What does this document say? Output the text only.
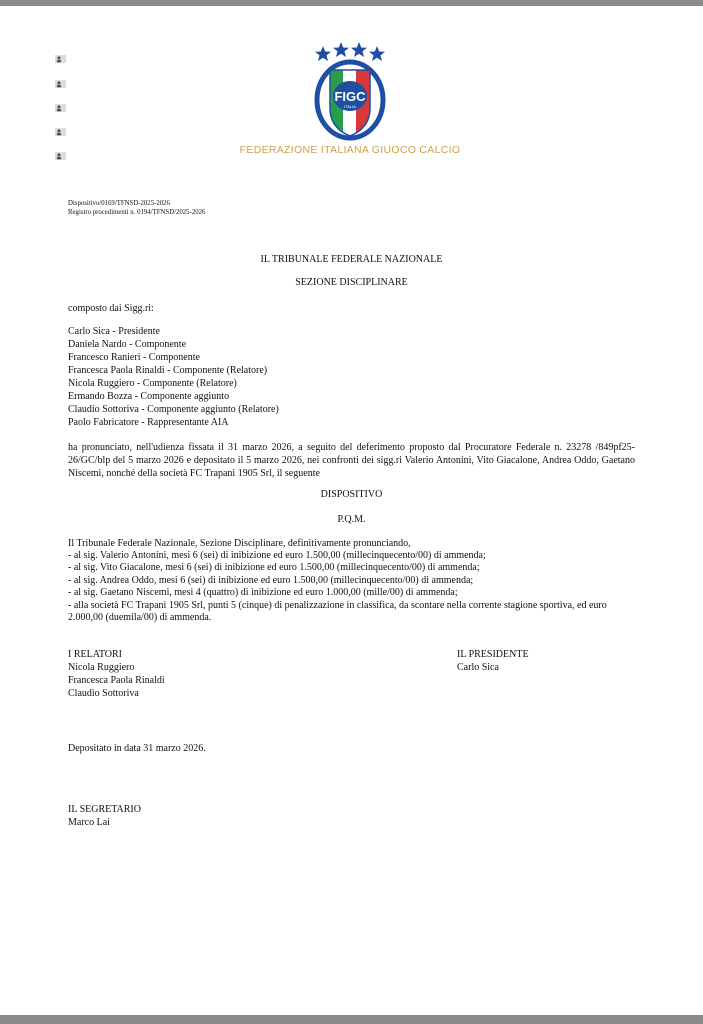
FIGC
ITALIA
FEDERAZIONE ITALIANA GIUOCO CALCIO
Dispositivo/0169/TFNSD-2025-2026
Registro procedimenti n. 0194/TFNSD/2025-2026
IL TRIBUNALE FEDERALE NAZIONALE
SEZIONE DISCIPLINARE
composto dai Sigg.ri:
Carlo Sica - Presidente
Daniela Nardo - Componente
Francesco Ranieri - Componente
Francesca Paola Rinaldi - Componente (Relatore)
Nicola Ruggiero - Componente (Relatore)
Ermando Bozza - Componente aggiunto
Claudio Sottoriva - Componente aggiunto (Relatore)
Paolo Fabricatore - Rappresentante AIA
ha pronunciato, nell'udienza fissata il 31 marzo 2026, a seguito del deferimento proposto dal Procuratore Federale n. 23278 /849pf25-26/GC/blp del 5 marzo 2026 e depositato il 5 marzo 2026, nei confronti dei sigg.ri Valerio Antonini, Vito Giacalone, Andrea Oddo, Gaetano Niscemi, nonché della società FC Trapani 1905 Srl, il seguente
DISPOSITIVO
P.Q.M.
Il Tribunale Federale Nazionale, Sezione Disciplinare, definitivamente pronunciando,
- al sig. Valerio Antonini, mesi 6 (sei) di inibizione ed euro 1.500,00 (millecinquecento/00) di ammenda;
- al sig. Vito Giacalone, mesi 6 (sei) di inibizione ed euro 1.500,00 (millecinquecento/00) di ammenda;
- al sig. Andrea Oddo, mesi 6 (sei) di inibizione ed euro 1.500,00 (millecinquecento/00) di ammenda;
- al sig. Gaetano Niscemi, mesi 4 (quattro) di inibizione ed euro 1.000,00 (mille/00) di ammenda;
- alla società FC Trapani 1905 Srl, punti 5 (cinque) di penalizzazione in classifica, da scontare nella corrente stagione sportiva, ed euro 2.000,00 (duemila/00) di ammenda.
I RELATORI
Nicola Ruggiero
Francesca Paola Rinaldi
Claudio Sottoriva
IL PRESIDENTE
Carlo Sica
Depositato in data 31 marzo 2026.
IL SEGRETARIO
Marco Lai
